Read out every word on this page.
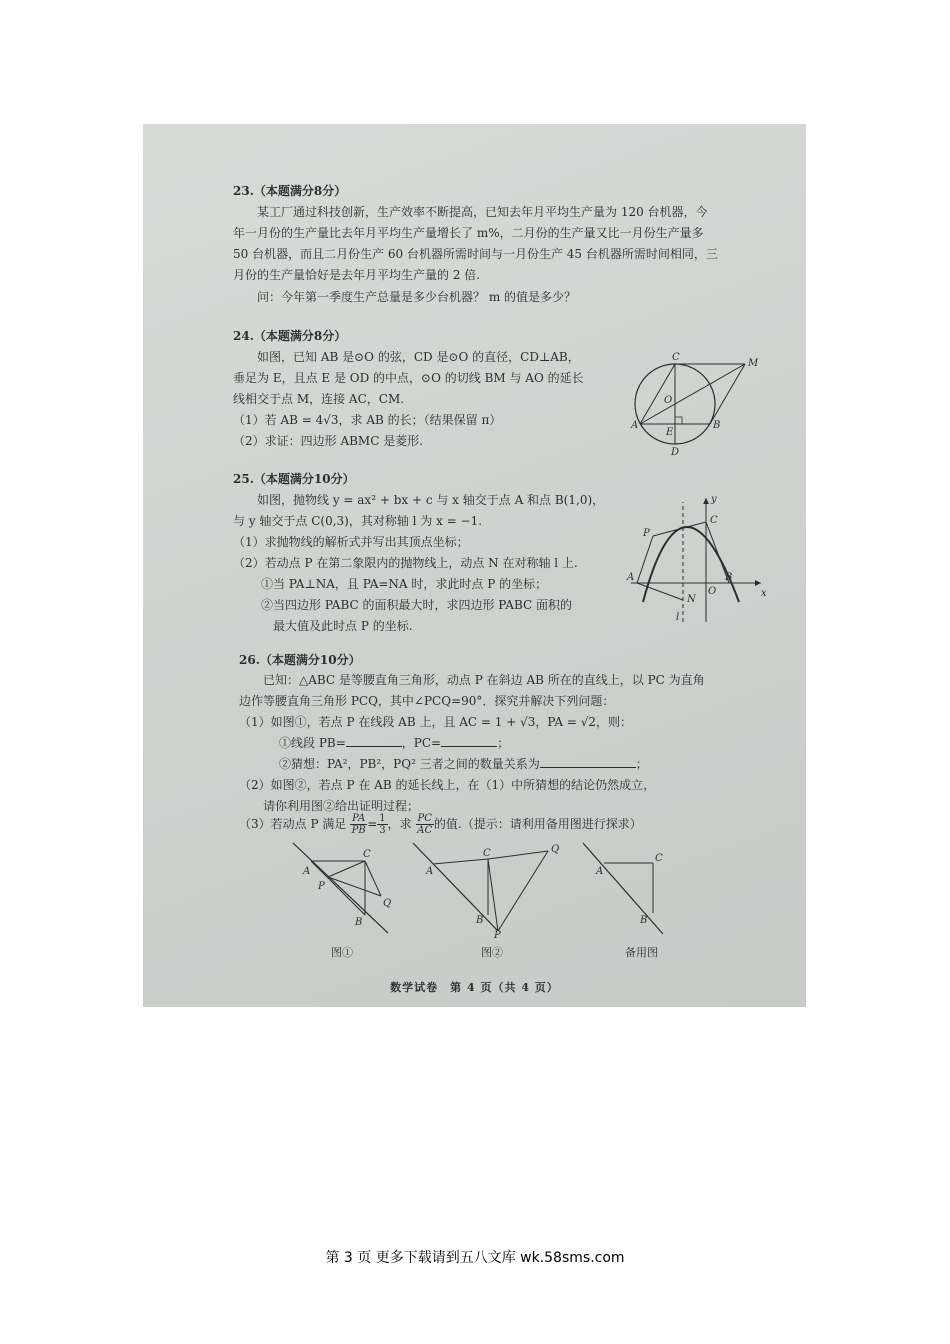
23.（本题满分8分）
某工厂通过科技创新，生产效率不断提高，已知去年月平均生产量为 120 台机器，今
年一月份的生产量比去年月平均生产量增长了 m%，二月份的生产量又比一月份生产量多
50 台机器，而且二月份生产 60 台机器所需时间与一月份生产 45 台机器所需时间相同，三
月份的生产量恰好是去年月平均生产量的 2 倍.
问：今年第一季度生产总量是多少台机器？ m 的值是多少？
24.（本题满分8分）
如图，已知 AB 是⊙O 的弦，CD 是⊙O 的直径，CD⊥AB，
垂足为 E，且点 E 是 OD 的中点，⊙O 的切线 BM 与 AO 的延长
线相交于点 M，连接 AC，CM.
（1）若 AB = 4√3，求 AB 的长；（结果保留 π）
（2）求证：四边形 ABMC 是菱形.
C
M
O
A
E
B
D
25.（本题满分10分）
如图，抛物线 y = ax² + bx + c 与 x 轴交于点 A 和点 B(1,0)，
与 y 轴交于点 C(0,3)，其对称轴 l 为 x = −1.
（1）求抛物线的解析式并写出其顶点坐标；
（2）若动点 P 在第二象限内的抛物线上，动点 N 在对称轴 l 上.
①当 PA⊥NA，且 PA=NA 时，求此时点 P 的坐标；
②当四边形 PABC 的面积最大时，求四边形 PABC 面积的
最大值及此时点 P 的坐标.
y
C
P
A
O
B
x
N
l
26.（本题满分10分）
已知：△ABC 是等腰直角三角形，动点 P 在斜边 AB 所在的直线上，以 PC 为直角
边作等腰直角三角形 PCQ，其中∠PCQ=90°．探究并解决下列问题：
（1）如图①，若点 P 在线段 AB 上，且 AC = 1 + √3，PA = √2，则：
①线段 PB=	，PC=	；
②猜想：PA²，PB²，PQ² 三者之间的数量关系为	；
（2）如图②，若点 P 在 AB 的延长线上，在（1）中所猜想的结论仍然成立，
请你利用图②给出证明过程；
（3）若动点 P 满足 $\frac{PA}{PB} = \frac{1}{3}$ ，求 $\frac{PC}{AC}$ 的值.（提示：请利用备用图进行探求）
A
C
P
Q
B
图①
A
C	Q
B
P
图②
A
C
B
备用图
数学试卷　第 4 页（共 4 页）
第 3 页 更多下载请到五八文库 wk.58sms.com
